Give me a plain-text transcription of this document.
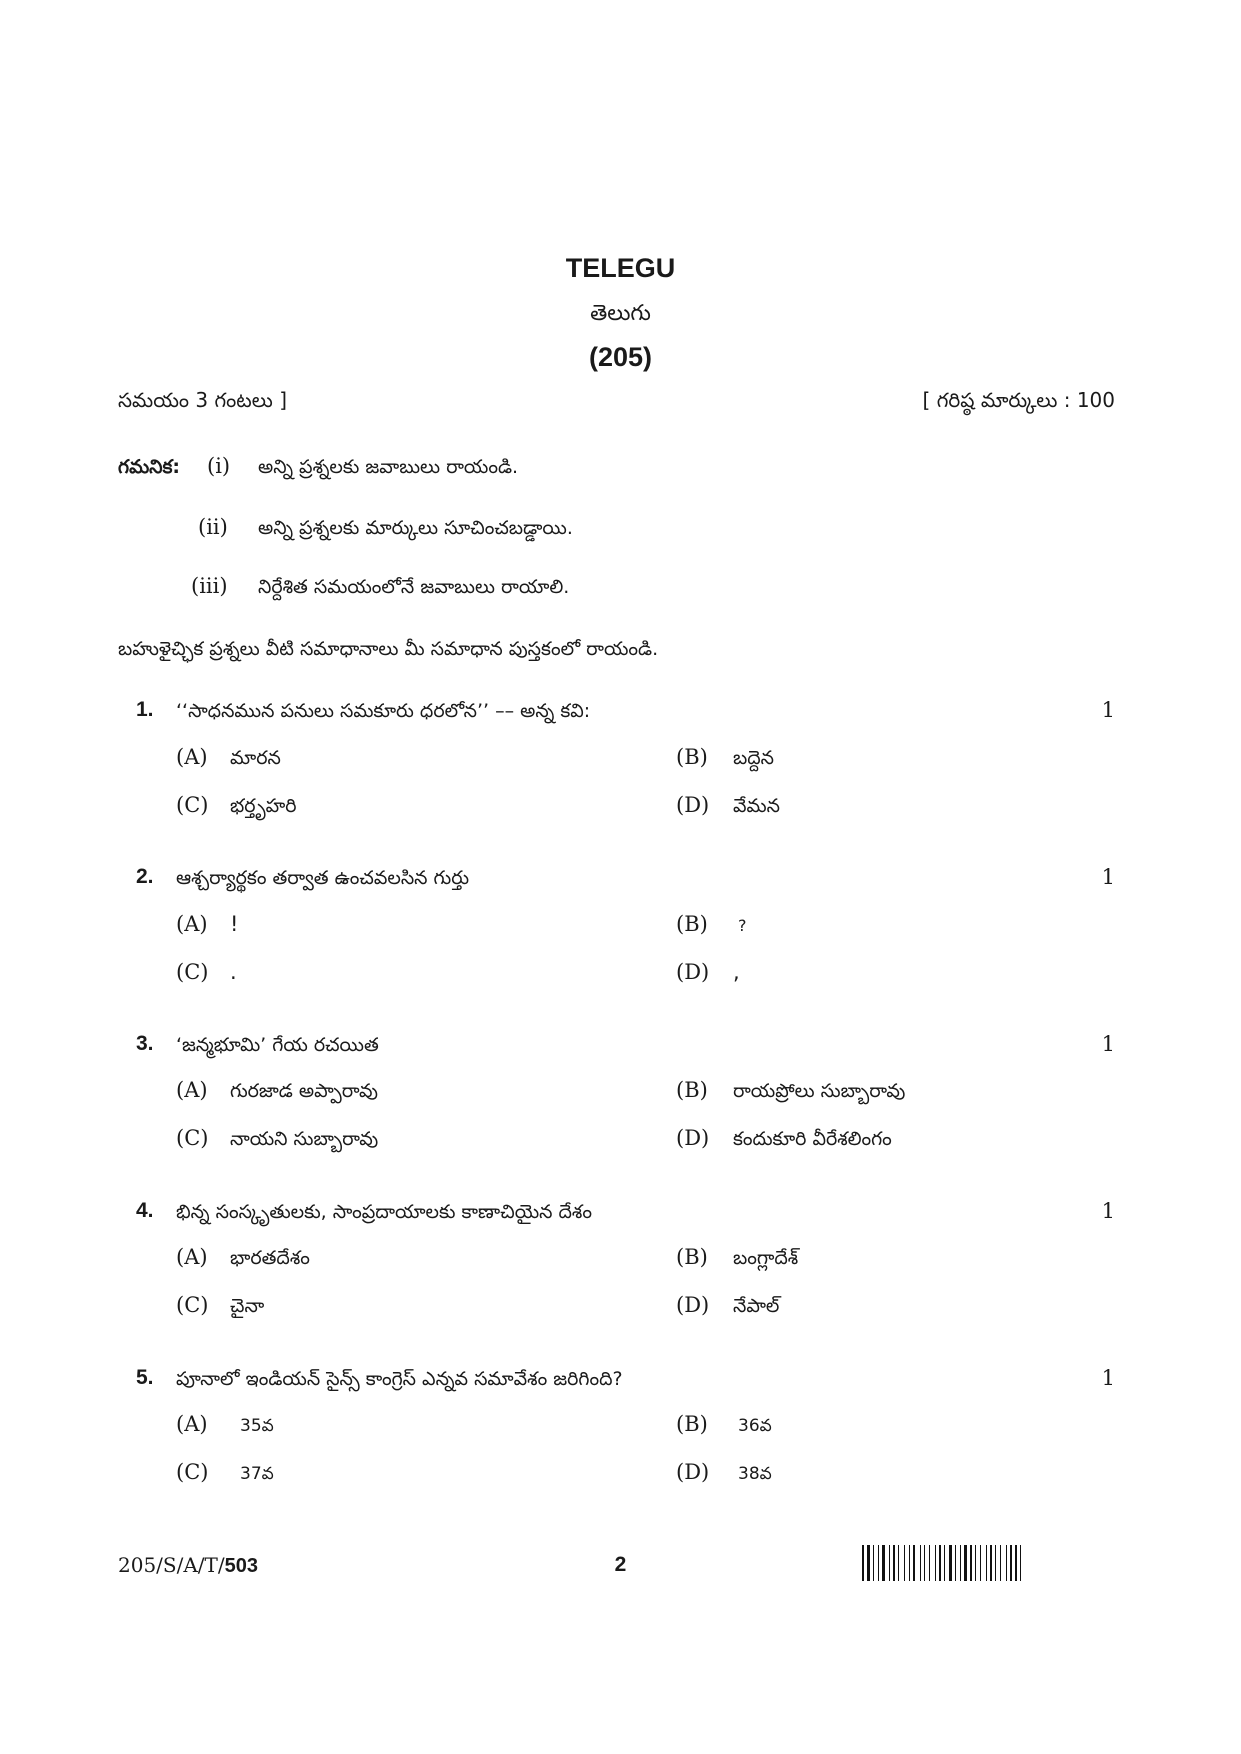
TELEGU
తెలుగు
(205)
సమయం 3 గంటలు ]	[ గరిష్ఠ మార్కులు : 100
గమనిక: (i) అన్ని ప్రశ్నలకు జవాబులు రాయండి.
(ii) అన్ని ప్రశ్నలకు మార్కులు సూచించబడ్డాయి.
(iii) నిర్దేశిత సమయంలోనే జవాబులు రాయాలి.
బహుళైచ్ఛిక ప్రశ్నలు వీటి సమాధానాలు మీ సమాధాన పుస్తకంలో రాయండి.
1. ‘‘సాధనమున పనులు సమకూరు ధరలోన’’ –– అన్న కవి:	1
(A) మారన	(B) బద్దెన
(C) భర్తృహరి	(D) వేమన
2. ఆశ్చర్యార్థకం తర్వాత ఉంచవలసిన గుర్తు	1
(A) !	(B) ?
(C) .	(D) ,
3. ‘జన్మభూమి’ గేయ రచయిత	1
(A) గురజాడ అప్పారావు	(B) రాయప్రోలు సుబ్బారావు
(C) నాయని సుబ్బారావు	(D) కందుకూరి వీరేశలింగం
4. భిన్న సంస్కృతులకు, సాంప్రదాయాలకు కాణాచియైన దేశం	1
(A) భారతదేశం	(B) బంగ్లాదేశ్
(C) చైనా	(D) నేపాల్
5. పూనాలో ఇండియన్ సైన్స్ కాంగ్రెస్ ఎన్నవ సమావేశం జరిగింది?	1
(A) 35వ	(B) 36వ
(C) 37వ	(D) 38వ
205/S/A/T/503	2
